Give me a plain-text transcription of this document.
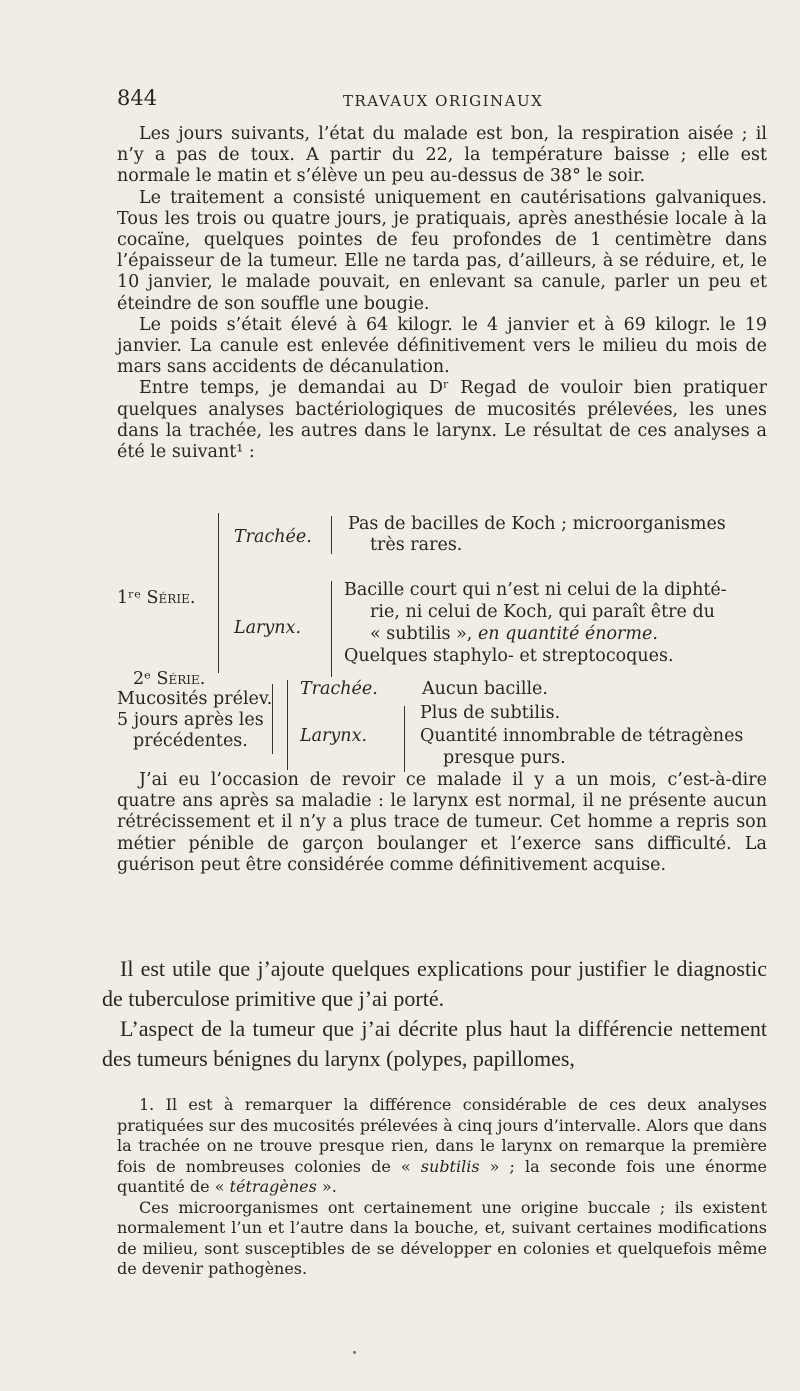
844	TRAVAUX ORIGINAUX

Les jours suivants, l’état du malade est bon, la respiration aisée ; il n’y a pas de toux. A partir du 22, la température baisse ; elle est normale le matin et s’élève un peu au-dessus de 38° le soir.

Le traitement a consisté uniquement en cautérisations galvaniques. Tous les trois ou quatre jours, je pratiquais, après anesthésie locale à la cocaïne, quelques pointes de feu profondes de 1 centimètre dans l’épaisseur de la tumeur. Elle ne tarda pas, d’ailleurs, à se réduire, et, le 10 janvier, le malade pouvait, en enlevant sa canule, parler un peu et éteindre de son souffle une bougie.

Le poids s’était élevé à 64 kilogr. le 4 janvier et à 69 kilogr. le 19 janvier. La canule est enlevée définitivement vers le milieu du mois de mars sans accidents de décanulation.

Entre temps, je demandai au Dʳ Regad de vouloir bien pratiquer quelques analyses bactériologiques de mucosités prélevées, les unes dans la trachée, les autres dans le larynx. Le résultat de ces analyses a été le suivant¹ :

1ʳᵉ Série.
Trachée.
Pas de bacilles de Koch ; microorganismes
très rares.
Larynx.
Bacille court qui n’est ni celui de la diphté-
rie, ni celui de Koch, qui paraît être du
« subtilis », en quantité énorme.
Quelques staphylo- et streptocoques.
2ᵉ Série.
Mucosités prélev.
5 jours après les
précédentes.
Trachée.	Aucun bacille.
Larynx.
Plus de subtilis.
Quantité innombrable de tétragènes
presque purs.

J’ai eu l’occasion de revoir ce malade il y a un mois, c’est-à-dire quatre ans après sa maladie : le larynx est normal, il ne présente aucun rétrécissement et il n’y a plus trace de tumeur. Cet homme a repris son métier pénible de garçon boulanger et l’exerce sans difficulté. La guérison peut être considérée comme définitivement acquise.

Il est utile que j’ajoute quelques explications pour justifier le diagnostic de tuberculose primitive que j’ai porté.

L’aspect de la tumeur que j’ai décrite plus haut la différencie nettement des tumeurs bénignes du larynx (polypes, papillomes,

1. Il est à remarquer la différence considérable de ces deux analyses pratiquées sur des mucosités prélevées à cinq jours d’intervalle. Alors que dans la trachée on ne trouve presque rien, dans le larynx on remarque la première fois de nombreuses colonies de « subtilis » ; la seconde fois une énorme quantité de « tétragènes ».

Ces microorganismes ont certainement une origine buccale ; ils existent normalement l’un et l’autre dans la bouche, et, suivant certaines modifications de milieu, sont susceptibles de se développer en colonies et quelquefois même de devenir pathogènes.
